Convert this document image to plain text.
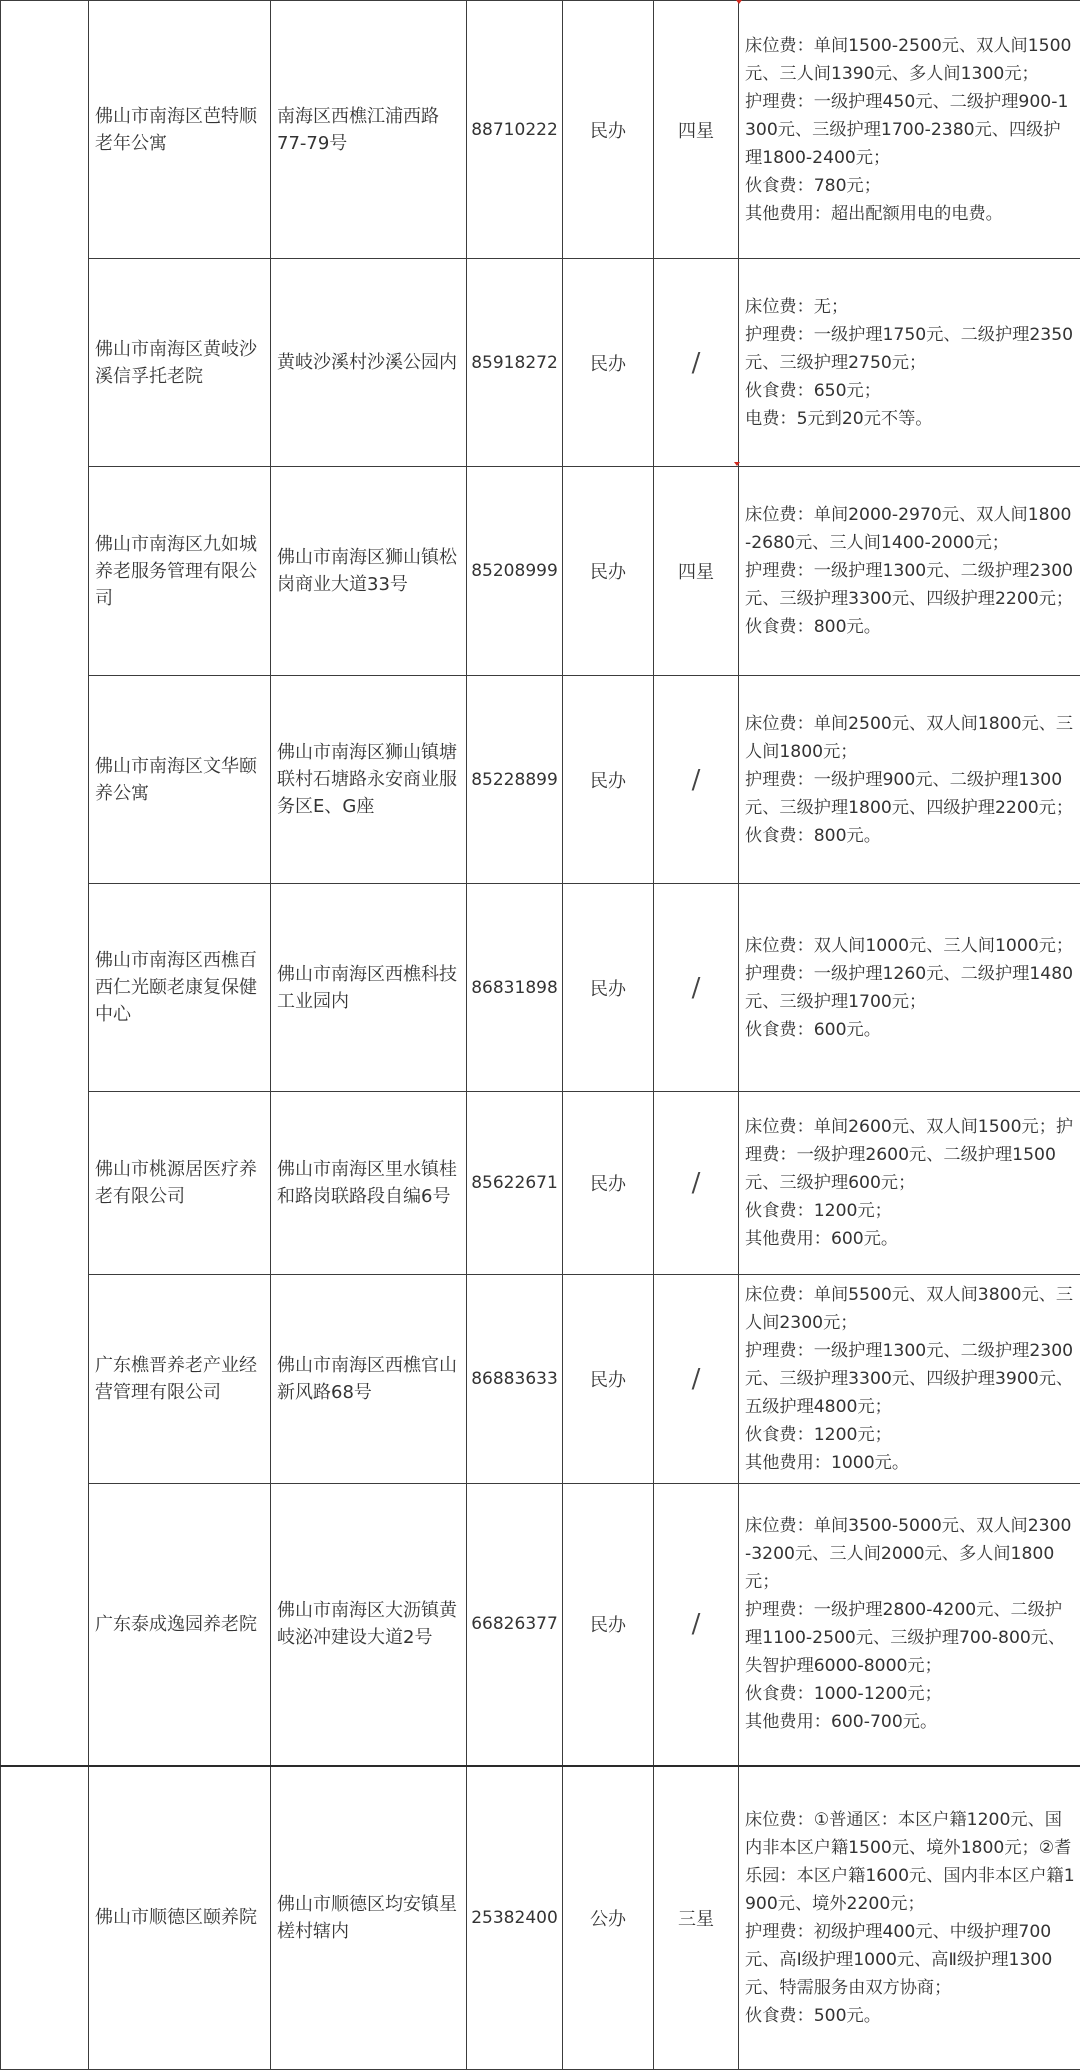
	佛山市南海区芭特顺老年公寓	南海区西樵江浦西路77-79号	88710222	民办	四星	床位费：单间1500-2500元、双人间1500元、三人间1390元、多人间1300元；
护理费：一级护理450元、二级护理900-1300元、三级护理1700-2380元、四级护理1800-2400元；
伙食费：780元；
其他费用：超出配额用电的电费。

	佛山市南海区黄岐沙溪信孚托老院	黄岐沙溪村沙溪公园内	85918272	民办	/	床位费：无；
护理费：一级护理1750元、二级护理2350元、三级护理2750元；
伙食费：650元；
电费：5元到20元不等。

	佛山市南海区九如城养老服务管理有限公司	佛山市南海区狮山镇松岗商业大道33号	85208999	民办	四星	床位费：单间2000-2970元、双人间1800-2680元、三人间1400-2000元；
护理费：一级护理1300元、二级护理2300元、三级护理3300元、四级护理2200元；
伙食费：800元。

	佛山市南海区文华颐养公寓	佛山市南海区狮山镇塘联村石塘路永安商业服务区E、G座	85228899	民办	/	床位费：单间2500元、双人间1800元、三人间1800元；
护理费：一级护理900元、二级护理1300元、三级护理1800元、四级护理2200元；
伙食费：800元。

	佛山市南海区西樵百西仁光颐老康复保健中心	佛山市南海区西樵科技工业园内	86831898	民办	/	床位费：双人间1000元、三人间1000元；
护理费：一级护理1260元、二级护理1480元、三级护理1700元；
伙食费：600元。

	佛山市桃源居医疗养老有限公司	佛山市南海区里水镇桂和路岗联路段自编6号	85622671	民办	/	床位费：单间2600元、双人间1500元；护理费：一级护理2600元、二级护理1500元、三级护理600元；
伙食费：1200元；
其他费用：600元。

	广东樵晋养老产业经营管理有限公司	佛山市南海区西樵官山新风路68号	86883633	民办	/	床位费：单间5500元、双人间3800元、三人间2300元；
护理费：一级护理1300元、二级护理2300元、三级护理3300元、四级护理3900元、五级护理4800元；
伙食费：1200元；
其他费用：1000元。

	广东泰成逸园养老院	佛山市南海区大沥镇黄岐泌冲建设大道2号	66826377	民办	/	床位费：单间3500-5000元、双人间2300-3200元、三人间2000元、多人间1800元；
护理费：一级护理2800-4200元、二级护理1100-2500元、三级护理700-800元、失智护理6000-8000元；
伙食费：1000-1200元；
其他费用：600-700元。

	佛山市顺德区颐养院	佛山市顺德区均安镇星槎村辖内	25382400	公办	三星	床位费：①普通区：本区户籍1200元、国内非本区户籍1500元、境外1800元；②耆乐园：本区户籍1600元、国内非本区户籍1900元、境外2200元；
护理费：初级护理400元、中级护理700元、高Ⅰ级护理1000元、高Ⅱ级护理1300元、特需服务由双方协商；
伙食费：500元。
